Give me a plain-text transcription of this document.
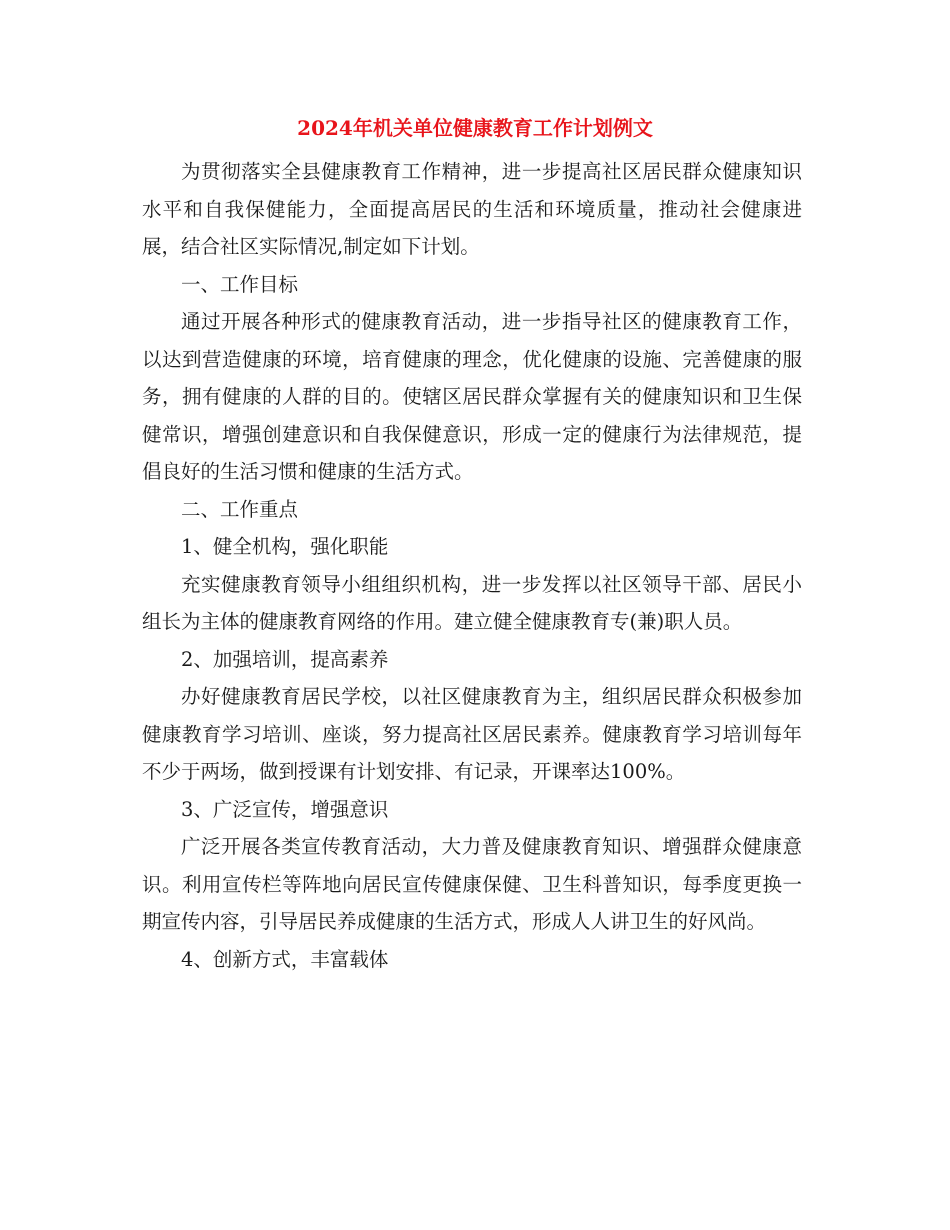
2024年机关单位健康教育工作计划例文

为贯彻落实全县健康教育工作精神，进一步提高社区居民群众健康知识水平和自我保健能力，全面提高居民的生活和环境质量，推动社会健康进展，结合社区实际情况,制定如下计划。

一、工作目标

通过开展各种形式的健康教育活动，进一步指导社区的健康教育工作，以达到营造健康的环境，培育健康的理念，优化健康的设施、完善健康的服务，拥有健康的人群的目的。使辖区居民群众掌握有关的健康知识和卫生保健常识，增强创建意识和自我保健意识，形成一定的健康行为法律规范，提倡良好的生活习惯和健康的生活方式。

二、工作重点

1、健全机构，强化职能

充实健康教育领导小组组织机构，进一步发挥以社区领导干部、居民小组长为主体的健康教育网络的作用。建立健全健康教育专(兼)职人员。

2、加强培训，提高素养

办好健康教育居民学校，以社区健康教育为主，组织居民群众积极参加健康教育学习培训、座谈，努力提高社区居民素养。健康教育学习培训每年不少于两场，做到授课有计划安排、有记录，开课率达100%。

3、广泛宣传，增强意识

广泛开展各类宣传教育活动，大力普及健康教育知识、增强群众健康意识。利用宣传栏等阵地向居民宣传健康保健、卫生科普知识，每季度更换一期宣传内容，引导居民养成健康的生活方式，形成人人讲卫生的好风尚。

4、创新方式，丰富载体
